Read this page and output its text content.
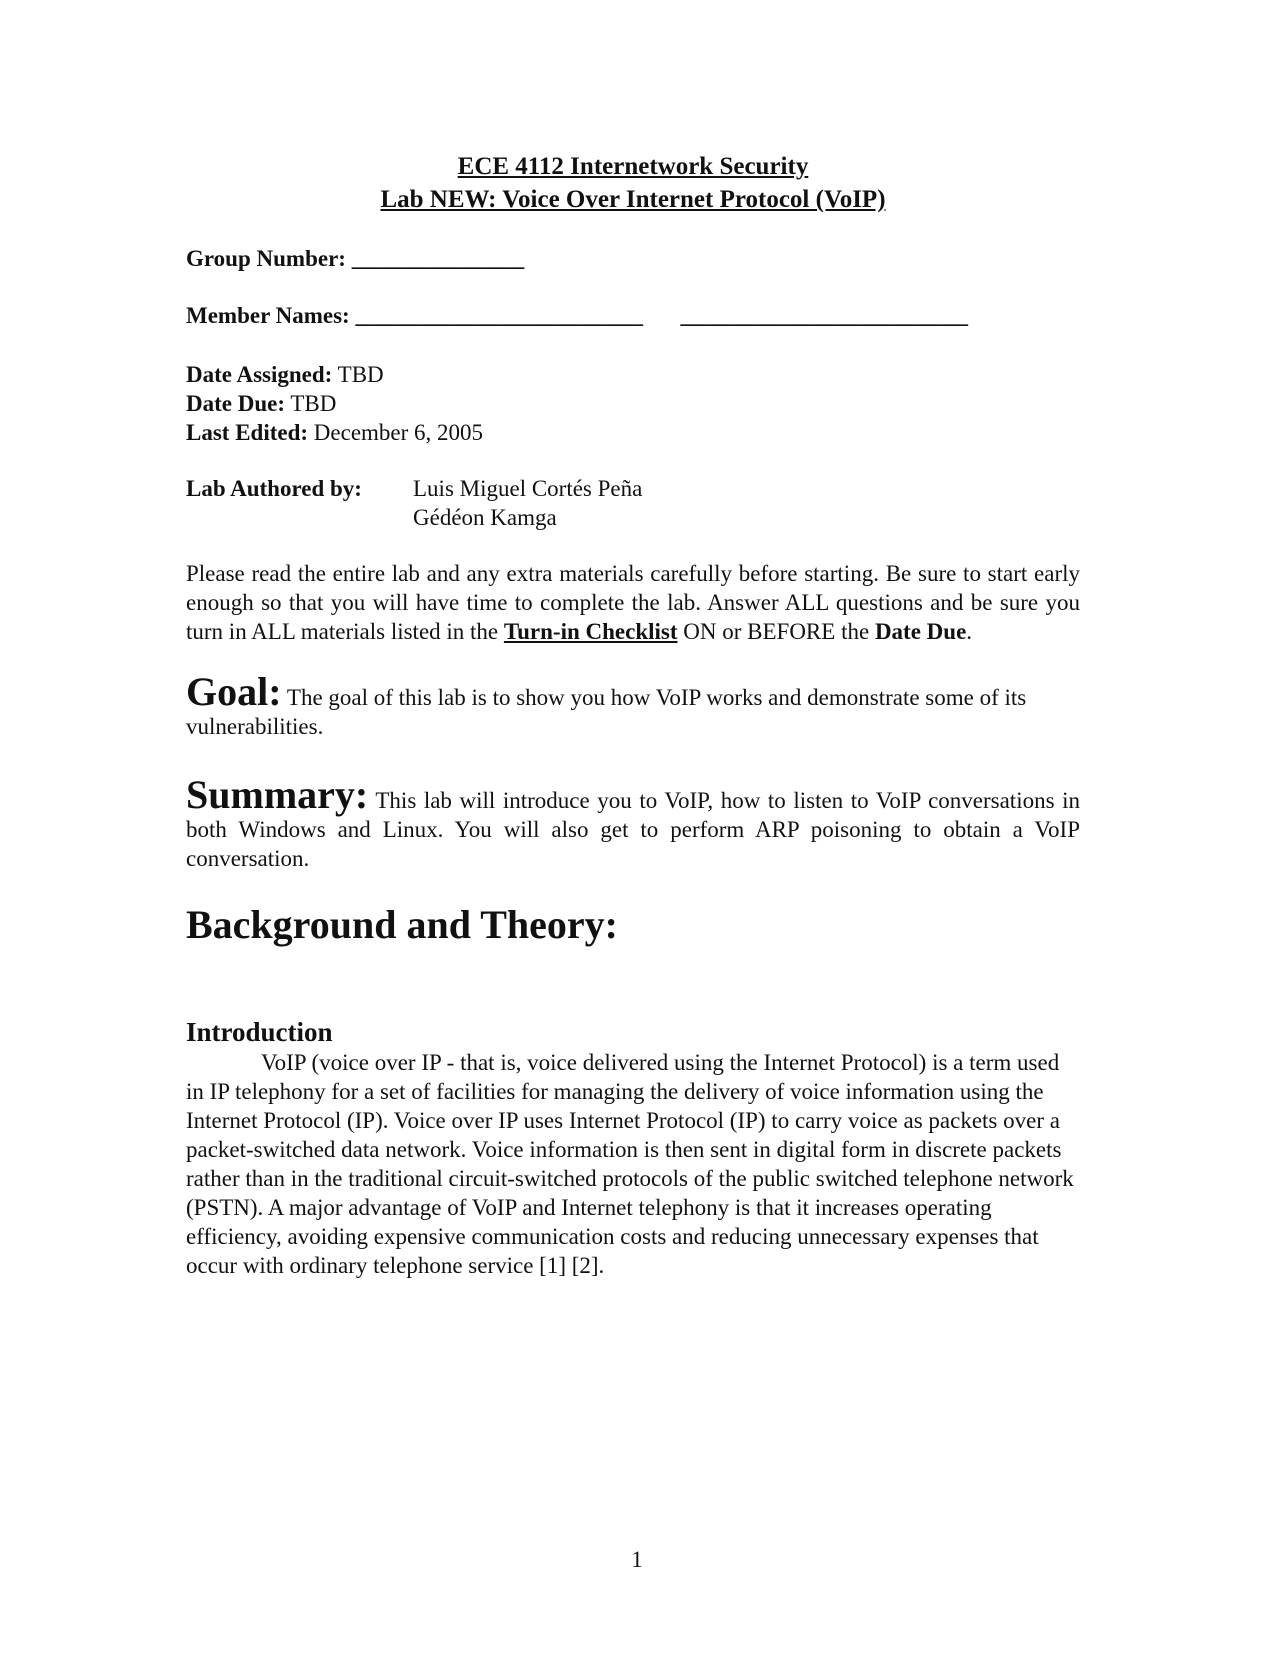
ECE 4112 Internetwork Security
Lab NEW: Voice Over Internet Protocol (VoIP)
Group Number: _______________
Member Names: _________________________ _________________________
Date Assigned: TBD
Date Due: TBD
Last Edited: December 6, 2005
Lab Authored by:	Luis Miguel Cortés Peña
Gédéon Kamga
Please read the entire lab and any extra materials carefully before starting. Be sure to start early enough so that you will have time to complete the lab. Answer ALL questions and be sure you turn in ALL materials listed in the Turn-in Checklist ON or BEFORE the Date Due.
Goal: The goal of this lab is to show you how VoIP works and demonstrate some of its vulnerabilities.
Summary: This lab will introduce you to VoIP, how to listen to VoIP conversations in both Windows and Linux. You will also get to perform ARP poisoning to obtain a VoIP conversation.
Background and Theory:
Introduction
VoIP (voice over IP - that is, voice delivered using the Internet Protocol) is a term used in IP telephony for a set of facilities for managing the delivery of voice information using the Internet Protocol (IP). Voice over IP uses Internet Protocol (IP) to carry voice as packets over a packet-switched data network. Voice information is then sent in digital form in discrete packets rather than in the traditional circuit-switched protocols of the public switched telephone network (PSTN). A major advantage of VoIP and Internet telephony is that it increases operating efficiency, avoiding expensive communication costs and reducing unnecessary expenses that occur with ordinary telephone service [1] [2].
1
